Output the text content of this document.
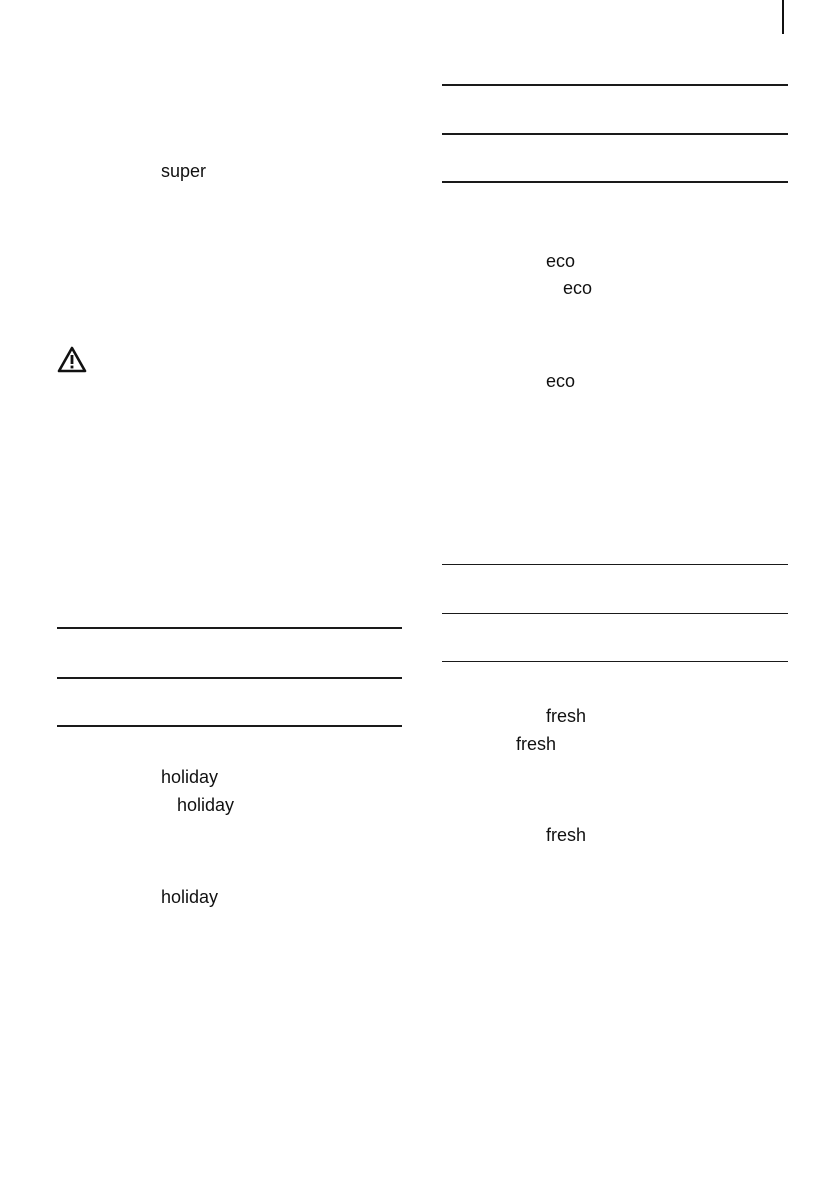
super
holiday
holiday
holiday
eco
eco
eco
fresh
fresh
fresh
